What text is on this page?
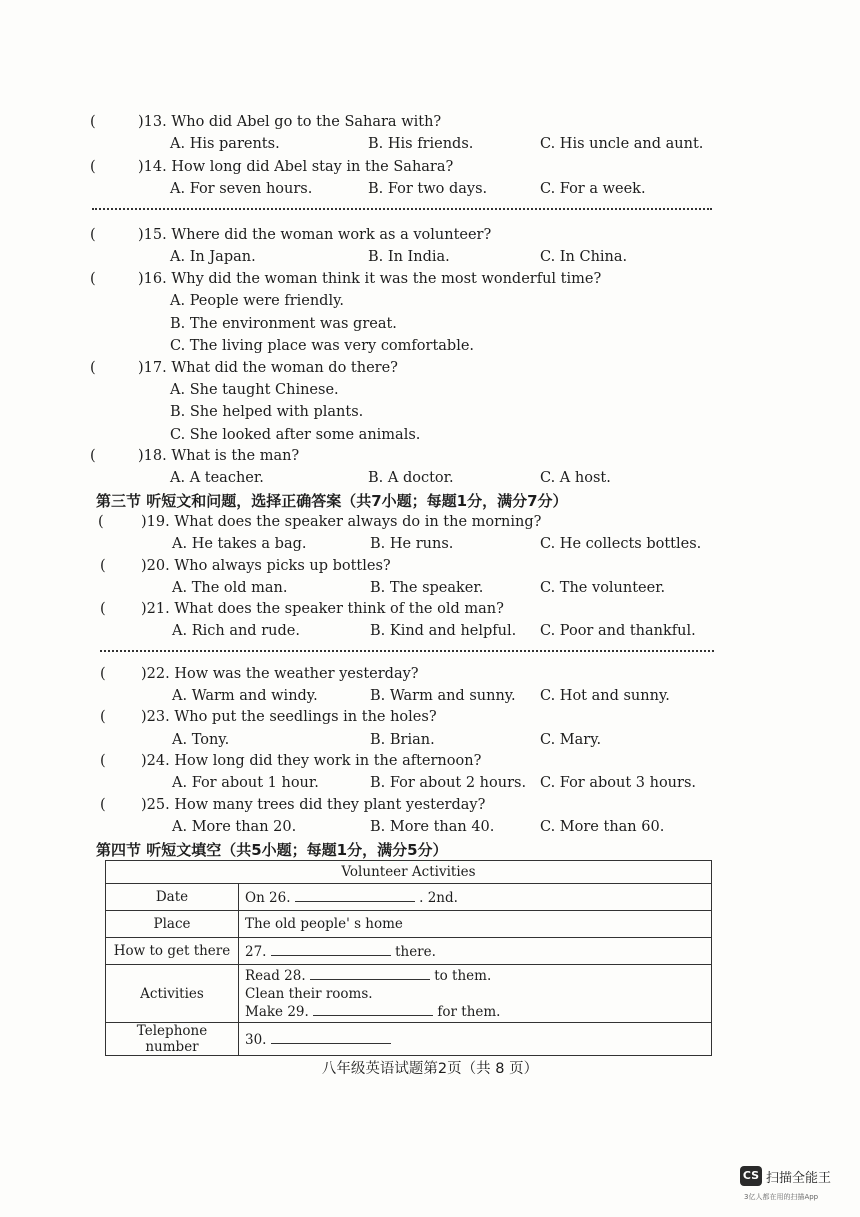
(	)13. Who did Abel go to the Sahara with?
A. His parents.	B. His friends.	C. His uncle and aunt.
(	)14. How long did Abel stay in the Sahara?
A. For seven hours.	B. For two days.	C. For a week.
(	)15. Where did the woman work as a volunteer?
A. In Japan.	B. In India.	C. In China.
(	)16. Why did the woman think it was the most wonderful time?
A. People were friendly.
B. The environment was great.
C. The living place was very comfortable.
(	)17. What did the woman do there?
A. She taught Chinese.
B. She helped with plants.
C. She looked after some animals.
(	)18. What is the man?
A. A teacher.	B. A doctor.	C. A host.
第三节 听短文和问题，选择正确答案（共7小题；每题1分，满分7分）
(	)19. What does the speaker always do in the morning?
A. He takes a bag.	B. He runs.	C. He collects bottles.
( )20. Who always picks up bottles?
A. The old man.	B. The speaker.	C. The volunteer.
( )21. What does the speaker think of the old man?
A. Rich and rude.	B. Kind and helpful. C. Poor and thankful.
( )22. How was the weather yesterday?
A. Warm and windy.	B. Warm and sunny. C. Hot and sunny.
( )23. Who put the seedlings in the holes?
A. Tony.	B. Brian.	C. Mary.
( )24. How long did they work in the afternoon?
A. For about 1 hour.	B. For about 2 hours. C. For about 3 hours.
( )25. How many trees did they plant yesterday?
A. More than 20.	B. More than 40.	C. More than 60.
第四节 听短文填空（共5小题；每题1分，满分5分）
Volunteer Activities	
Date	On 26. . 2nd.
Place	The old people' s home
How to get there	27. there.
Activities	Read 28. to them.
Clean their rooms.
Make 29. for them.

Telephone number	30.
八年级英语试题第2页（共 8 页）
CS 扫描全能王
3亿人都在用的扫描App
